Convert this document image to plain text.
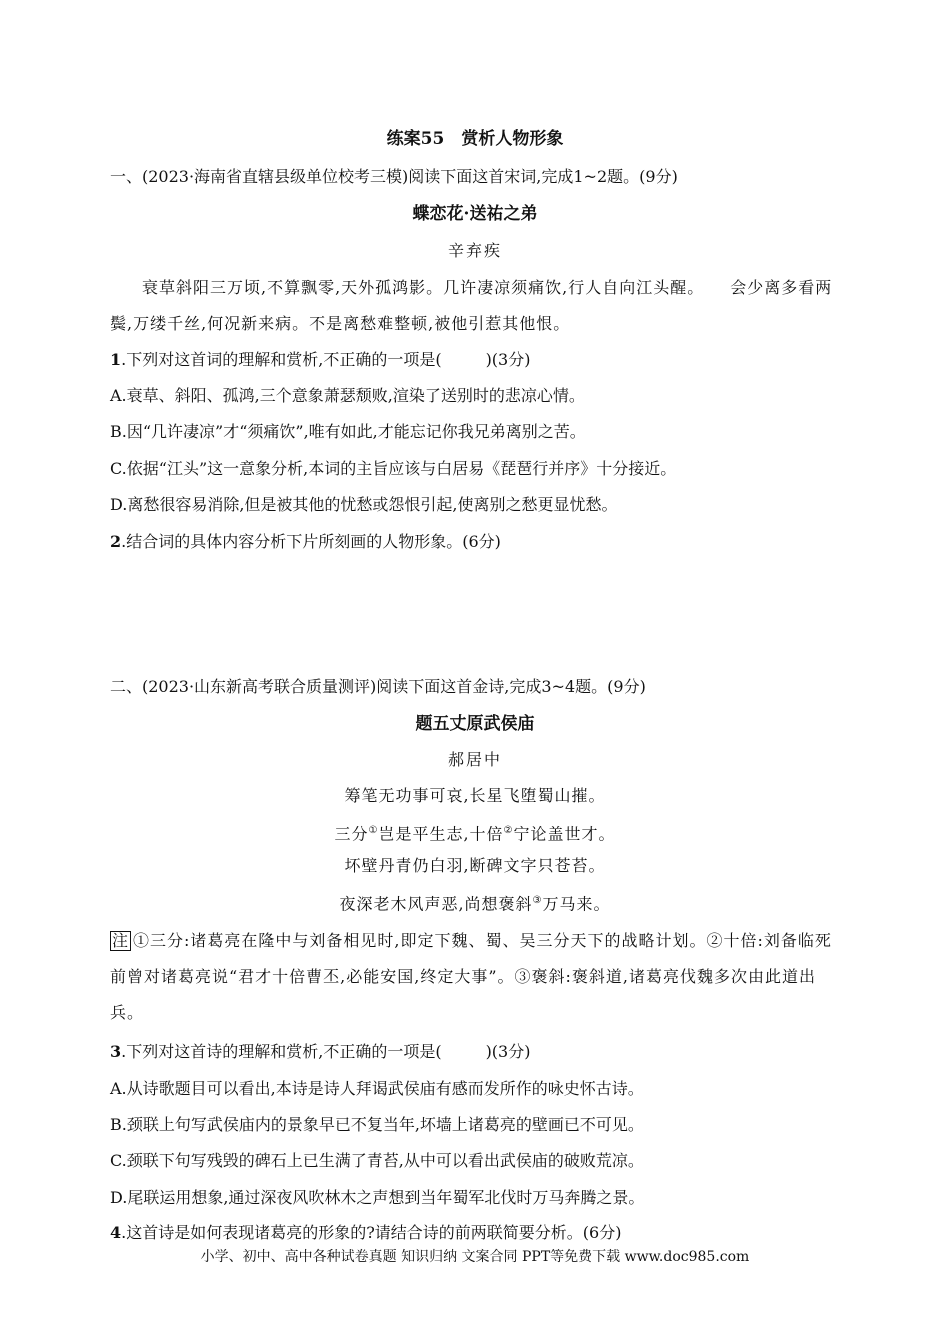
练案55　赏析人物形象
一、(2023·海南省直辖县级单位校考三模)阅读下面这首宋词,完成1~2题。(9分)
蝶恋花·送祐之弟
辛弃疾
衰草斜阳三万顷,不算飘零,天外孤鸿影。几许凄凉须痛饮,行人自向江头醒。　　会少离多看两鬓,万缕千丝,何况新来病。不是离愁难整顿,被他引惹其他恨。
1.下列对这首词的理解和赏析,不正确的一项是(	)(3分)
A.衰草、斜阳、孤鸿,三个意象萧瑟颓败,渲染了送别时的悲凉心情。
B.因“几许凄凉”才“须痛饮”,唯有如此,才能忘记你我兄弟离别之苦。
C.依据“江头”这一意象分析,本词的主旨应该与白居易《琵琶行并序》十分接近。
D.离愁很容易消除,但是被其他的忧愁或怨恨引起,使离别之愁更显忧愁。
2.结合词的具体内容分析下片所刻画的人物形象。(6分)
二、(2023·山东新高考联合质量测评)阅读下面这首金诗,完成3~4题。(9分)
题五丈原武侯庙
郝居中
筹笔无功事可哀,长星飞堕蜀山摧。
三分①岂是平生志,十倍②宁论盖世才。
坏壁丹青仍白羽,断碑文字只苍苔。
夜深老木风声恶,尚想褒斜③万马来。
注 ①三分:诸葛亮在隆中与刘备相见时,即定下魏、蜀、吴三分天下的战略计划。②十倍:刘备临死前曾对诸葛亮说“君才十倍曹丕,必能安国,终定大事”。③褒斜:褒斜道,诸葛亮伐魏多次由此道出兵。
3.下列对这首诗的理解和赏析,不正确的一项是(	)(3分)
A.从诗歌题目可以看出,本诗是诗人拜谒武侯庙有感而发所作的咏史怀古诗。
B.颈联上句写武侯庙内的景象早已不复当年,坏墙上诸葛亮的壁画已不可见。
C.颈联下句写残毁的碑石上已生满了青苔,从中可以看出武侯庙的破败荒凉。
D.尾联运用想象,通过深夜风吹林木之声想到当年蜀军北伐时万马奔腾之景。
4.这首诗是如何表现诸葛亮的形象的?请结合诗的前两联简要分析。(6分)
小学、初中、高中各种试卷真题 知识归纳 文案合同 PPT等免费下载 www.doc985.com
